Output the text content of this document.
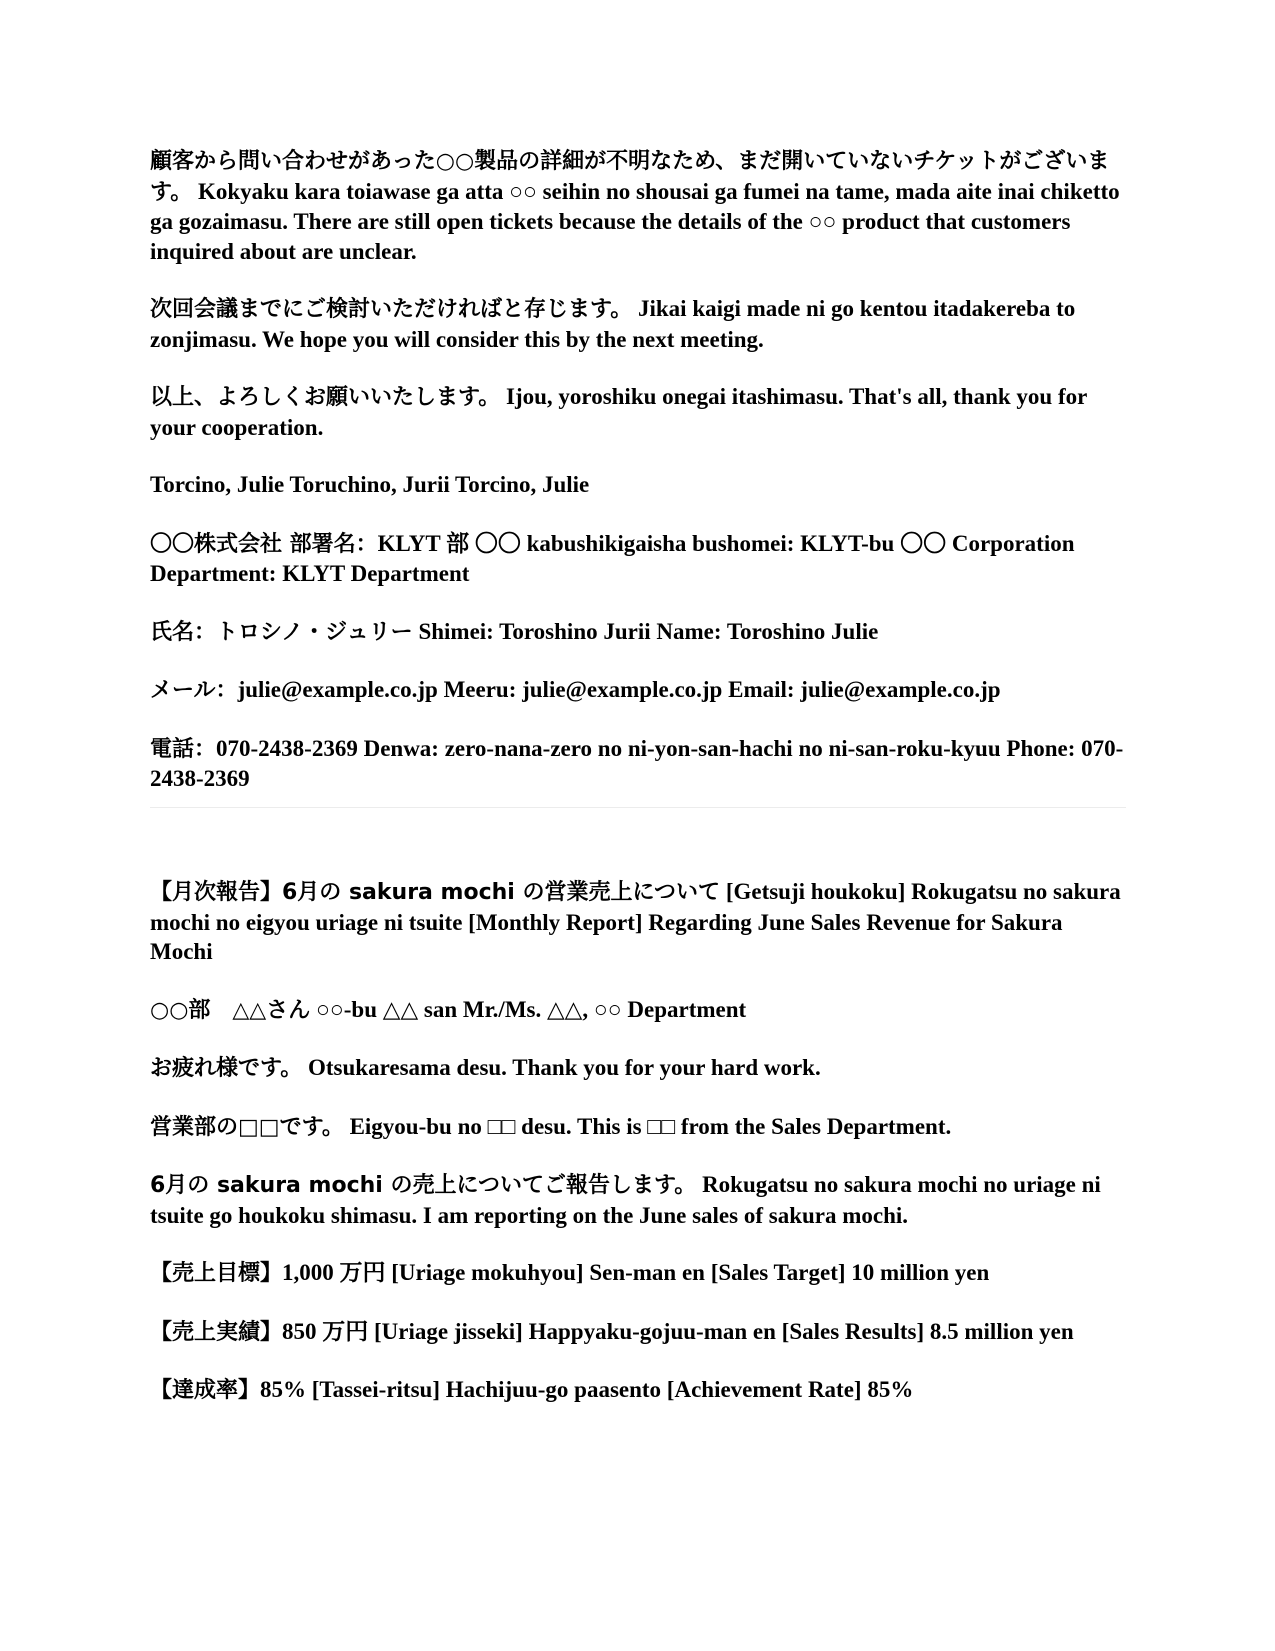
顧客から問い合わせがあった○○製品の詳細が不明なため、まだ開いていないチケットがございます。 Kokyaku kara toiawase ga atta ○○ seihin no shousai ga fumei na tame, mada aite inai chiketto ga gozaimasu. There are still open tickets because the details of the ○○ product that customers inquired about are unclear.

次回会議までにご検討いただければと存じます。 Jikai kaigi made ni go kentou itadakereba to zonjimasu. We hope you will consider this by the next meeting.

以上、よろしくお願いいたします。 Ijou, yoroshiku onegai itashimasu. That's all, thank you for your cooperation.

Torcino, Julie Toruchino, Jurii Torcino, Julie

〇〇株式会社 部署名：KLYT 部 〇〇 kabushikigaisha bushomei: KLYT-bu 〇〇 Corporation Department: KLYT Department

氏名：トロシノ・ジュリー Shimei: Toroshino Jurii Name: Toroshino Julie

メール：julie@example.co.jp Meeru: julie@example.co.jp Email: julie@example.co.jp

電話：070-2438-2369 Denwa: zero-nana-zero no ni-yon-san-hachi no ni-san-roku-kyuu Phone: 070-2438-2369

【月次報告】6月の sakura mochi の営業売上について [Getsuji houkoku] Rokugatsu no sakura mochi no eigyou uriage ni tsuite [Monthly Report] Regarding June Sales Revenue for Sakura Mochi

○○部　△△さん ○○-bu △△ san Mr./Ms. △△, ○○ Department

お疲れ様です。 Otsukaresama desu. Thank you for your hard work.

営業部の□□です。 Eigyou-bu no □□ desu. This is □□ from the Sales Department.

6月の sakura mochi の売上についてご報告します。 Rokugatsu no sakura mochi no uriage ni tsuite go houkoku shimasu. I am reporting on the June sales of sakura mochi.

【売上目標】1,000 万円 [Uriage mokuhyou] Sen-man en [Sales Target] 10 million yen

【売上実績】850 万円 [Uriage jisseki] Happyaku-gojuu-man en [Sales Results] 8.5 million yen

【達成率】85% [Tassei-ritsu] Hachijuu-go paasento [Achievement Rate] 85%
